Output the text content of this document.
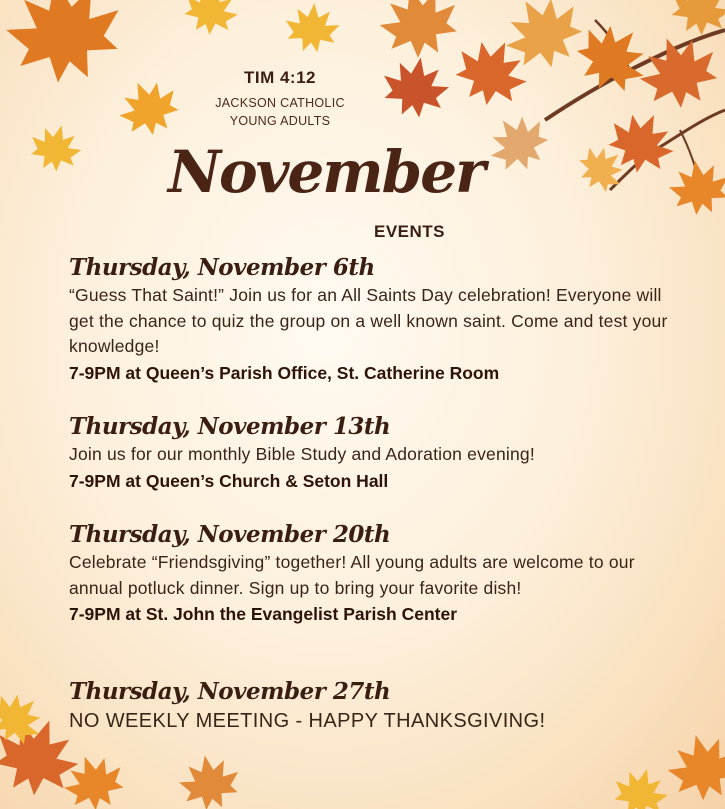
TIM 4:12
JACKSON CATHOLIC
YOUNG ADULTS
November
EVENTS
Thursday, November 6th
“Guess That Saint!” Join us for an All Saints Day celebration! Everyone will get the chance to quiz the group on a well known saint. Come and test your knowledge!
7-9PM at Queen’s Parish Office, St. Catherine Room
Thursday, November 13th
Join us for our monthly Bible Study and Adoration evening!
7-9PM at Queen’s Church & Seton Hall
Thursday, November 20th
Celebrate “Friendsgiving” together! All young adults are welcome to our annual potluck dinner. Sign up to bring your favorite dish!
7-9PM at St. John the Evangelist Parish Center
Thursday, November 27th
NO WEEKLY MEETING - HAPPY THANKSGIVING!
